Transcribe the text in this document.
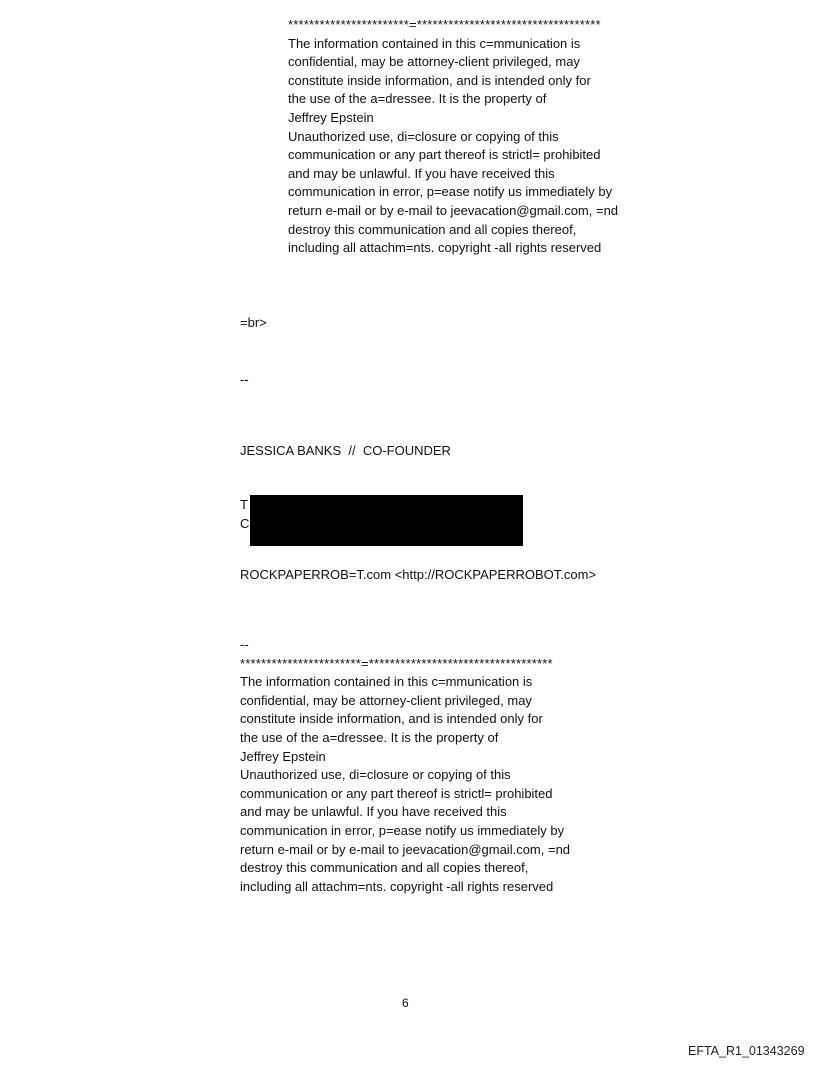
***********************=***********************************
The information contained in this c=mmunication is
confidential, may be attorney-client privileged, may
constitute inside information, and is intended only for
the use of the a=dressee. It is the property of
Jeffrey Epstein
Unauthorized use, di=closure or copying of this
communication or any part thereof is strictl= prohibited
and may be unlawful. If you have received this
communication in error, p=ease notify us immediately by
return e-mail or by e-mail to jeevacation@gmail.com, =nd
destroy this communication and all copies thereof,
including all attachm=nts. copyright -all rights reserved
=br>
--
JESSICA BANKS  //  CO-FOUNDER
T
C
ROCKPAPERROB=T.com <http://ROCKPAPERROBOT.com>
--
***********************=***********************************
The information contained in this c=mmunication is
confidential, may be attorney-client privileged, may
constitute inside information, and is intended only for
the use of the a=dressee. It is the property of
Jeffrey Epstein
Unauthorized use, di=closure or copying of this
communication or any part thereof is strictl= prohibited
and may be unlawful. If you have received this
communication in error, p=ease notify us immediately by
return e-mail or by e-mail to jeevacation@gmail.com, =nd
destroy this communication and all copies thereof,
including all attachm=nts. copyright -all rights reserved
6
EFTA_R1_01343269
